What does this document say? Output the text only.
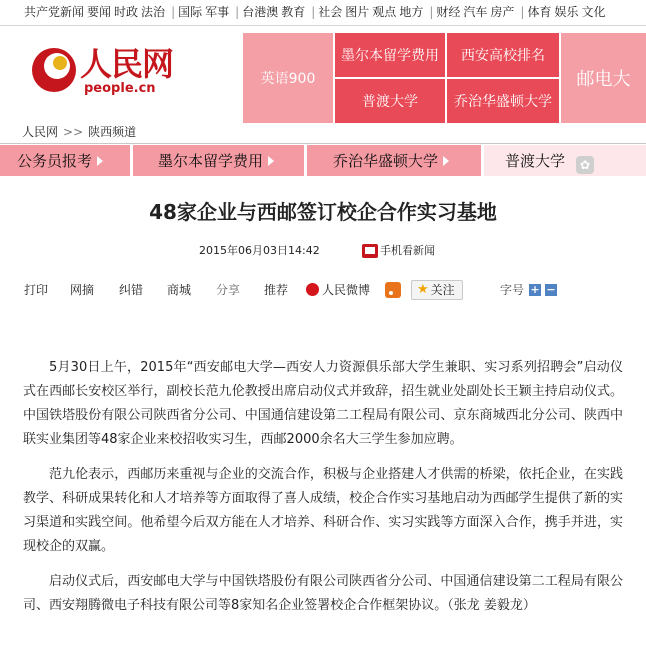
共产党新闻 要闻 时政 法治 | 国际 军事 | 台港澳 教育 | 社会 图片 观点 地方 | 财经 汽车 房产 | 体育 娱乐 文化
人民网
people.cn
英语900
墨尔本留学费用	西安高校排名
普渡大学	乔治华盛顿大学
邮电大
人民网 >> 陕西频道
公务员报考	墨尔本留学费用	乔治华盛顿大学	普渡大学	✿
48家企业与西邮签订校企合作实习基地
2015年06月03日14:42	手机看新闻
打印 网摘 纠错 商城 分享 推荐	人民微博	★ 关注	字号 + −

5月30日上午，2015年“西安邮电大学—西安人力资源俱乐部大学生兼职、实习系列招聘会”启动仪式在西邮长安校区举行，副校长范九伦教授出席启动仪式并致辞，招生就业处副处长王颖主持启动仪式。中国铁塔股份有限公司陕西省分公司、中国通信建设第二工程局有限公司、京东商城西北分公司、陕西中联实业集团等48家企业来校招收实习生，西邮2000余名大三学生参加应聘。

范九伦表示，西邮历来重视与企业的交流合作，积极与企业搭建人才供需的桥梁，依托企业，在实践教学、科研成果转化和人才培养等方面取得了喜人成绩，校企合作实习基地启动为西邮学生提供了新的实习渠道和实践空间。他希望今后双方能在人才培养、科研合作、实习实践等方面深入合作，携手并进，实现校企的双赢。

启动仪式后，西安邮电大学与中国铁塔股份有限公司陕西省分公司、中国通信建设第二工程局有限公司、西安翔腾微电子科技有限公司等8家知名企业签署校企合作框架协议。（张龙 姜毅龙）
